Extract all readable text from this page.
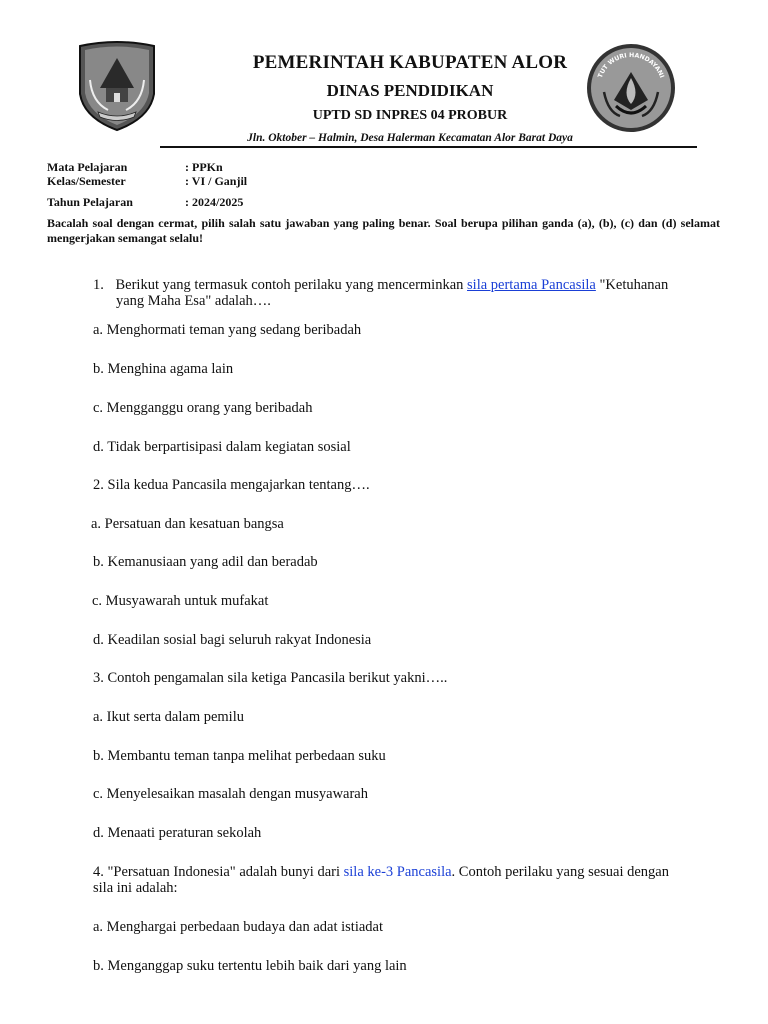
PEMERINTAH KABUPATEN ALOR
DINAS PENDIDIKAN
UPTD SD INPRES 04 PROBUR
Jln. Oktober – Halmin, Desa Halerman Kecamatan Alor Barat Daya
TUT WURI HANDAYANI
Mata Pelajaran	: PPKn
Kelas/Semester	: VI / Ganjil
Tahun Pelajaran	: 2024/2025
Bacalah soal dengan cermat, pilih salah satu jawaban yang paling benar. Soal berupa pilihan ganda (a), (b), (c) dan (d) selamat mengerjakan semangat selalu!
1. Berikut yang termasuk contoh perilaku yang mencerminkan sila pertama Pancasila "Ketuhanan
yang Maha Esa" adalah….
a. Menghormati teman yang sedang beribadah
b. Menghina agama lain
c. Mengganggu orang yang beribadah
d. Tidak berpartisipasi dalam kegiatan sosial
2. Sila kedua Pancasila mengajarkan tentang….
a. Persatuan dan kesatuan bangsa
b. Kemanusiaan yang adil dan beradab
c. Musyawarah untuk mufakat
d. Keadilan sosial bagi seluruh rakyat Indonesia
3. Contoh pengamalan sila ketiga Pancasila berikut yakni…..
a. Ikut serta dalam pemilu
b. Membantu teman tanpa melihat perbedaan suku
c. Menyelesaikan masalah dengan musyawarah
d. Menaati peraturan sekolah
4. "Persatuan Indonesia" adalah bunyi dari sila ke-3 Pancasila. Contoh perilaku yang sesuai dengan
sila ini adalah:
a. Menghargai perbedaan budaya dan adat istiadat
b. Menganggap suku tertentu lebih baik dari yang lain
